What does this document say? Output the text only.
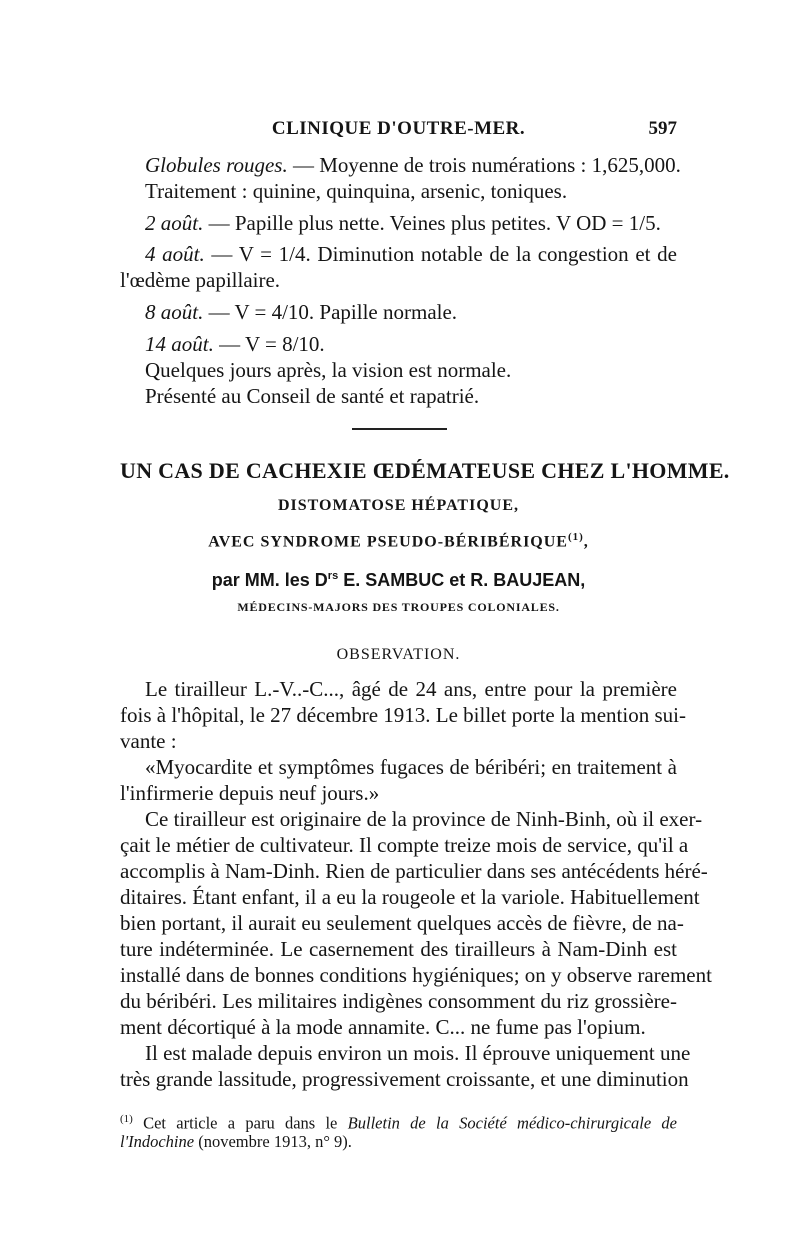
CLINIQUE D'OUTRE-MER.	597
Globules rouges. — Moyenne de trois numérations : 1,625,000.
Traitement : quinine, quinquina, arsenic, toniques.
2 août. — Papille plus nette. Veines plus petites. V OD = 1/5.
4 août. — V = 1/4. Diminution notable de la congestion et de
l'œdème papillaire.
8 août. — V = 4/10. Papille normale.
14 août. — V = 8/10.
Quelques jours après, la vision est normale.
Présenté au Conseil de santé et rapatrié.
UN CAS DE CACHEXIE ŒDÉMATEUSE CHEZ L'HOMME.
DISTOMATOSE HÉPATIQUE,
AVEC SYNDROME PSEUDO-BÉRIBÉRIQUE$^{(1)}$,
par MM. les $D^{rs}$ E. SAMBUC et R. BAUJEAN,
MÉDECINS-MAJORS DES TROUPES COLONIALES.
OBSERVATION.
Le tirailleur L.-V..-C..., âgé de 24 ans, entre pour la première
fois à l'hôpital, le 27 décembre 1913. Le billet porte la mention sui-
vante :
«Myocardite et symptômes fugaces de béribéri; en traitement à
l'infirmerie depuis neuf jours.»
Ce tirailleur est originaire de la province de Ninh-Binh, où il exer-
çait le métier de cultivateur. Il compte treize mois de service, qu'il a
accomplis à Nam-Dinh. Rien de particulier dans ses antécédents héré-
ditaires. Étant enfant, il a eu la rougeole et la variole. Habituellement
bien portant, il aurait eu seulement quelques accès de fièvre, de na-
ture indéterminée. Le casernement des tirailleurs à Nam-Dinh est
installé dans de bonnes conditions hygiéniques; on y observe rarement
du béribéri. Les militaires indigènes consomment du riz grossière-
ment décortiqué à la mode annamite. C... ne fume pas l'opium.
Il est malade depuis environ un mois. Il éprouve uniquement une
très grande lassitude, progressivement croissante, et une diminution
$^{(1)}$ Cet article a paru dans le Bulletin de la Société médico-chirurgicale de
l'Indochine (novembre 1913, n° 9).
